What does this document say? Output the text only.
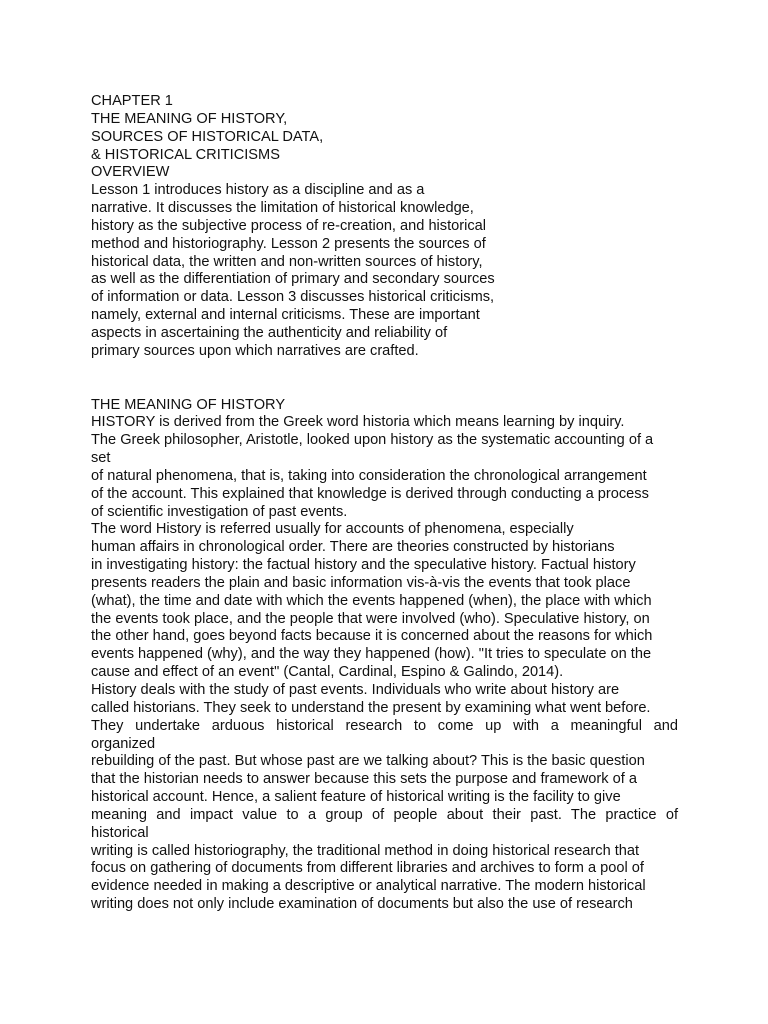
CHAPTER 1
THE MEANING OF HISTORY,
SOURCES OF HISTORICAL DATA,
& HISTORICAL CRITICISMS
OVERVIEW
Lesson 1 introduces history as a discipline and as a
narrative. It discusses the limitation of historical knowledge,
history as the subjective process of re-creation, and historical
method and historiography. Lesson 2 presents the sources of
historical data, the written and non-written sources of history,
as well as the differentiation of primary and secondary sources
of information or data. Lesson 3 discusses historical criticisms,
namely, external and internal criticisms. These are important
aspects in ascertaining the authenticity and reliability of
primary sources upon which narratives are crafted.
THE MEANING OF HISTORY
HISTORY is derived from the Greek word historia which means learning by inquiry.
The Greek philosopher, Aristotle, looked upon history as the systematic accounting of a
set
of natural phenomena, that is, taking into consideration the chronological arrangement
of the account. This explained that knowledge is derived through conducting a process
of scientific investigation of past events.
The word History is referred usually for accounts of phenomena, especially
human affairs in chronological order. There are theories constructed by historians
in investigating history: the factual history and the speculative history. Factual history
presents readers the plain and basic information vis-à-vis the events that took place
(what), the time and date with which the events happened (when), the place with which
the events took place, and the people that were involved (who). Speculative history, on
the other hand, goes beyond facts because it is concerned about the reasons for which
events happened (why), and the way they happened (how). "It tries to speculate on the
cause and effect of an event" (Cantal, Cardinal, Espino & Galindo, 2014).
History deals with the study of past events. Individuals who write about history are
called historians. They seek to understand the present by examining what went before.
They undertake arduous historical research to come up with a meaningful and
organized
rebuilding of the past. But whose past are we talking about? This is the basic question
that the historian needs to answer because this sets the purpose and framework of a
historical account. Hence, a salient feature of historical writing is the facility to give
meaning and impact value to a group of people about their past. The practice of
historical
writing is called historiography, the traditional method in doing historical research that
focus on gathering of documents from different libraries and archives to form a pool of
evidence needed in making a descriptive or analytical narrative. The modern historical
writing does not only include examination of documents but also the use of research
